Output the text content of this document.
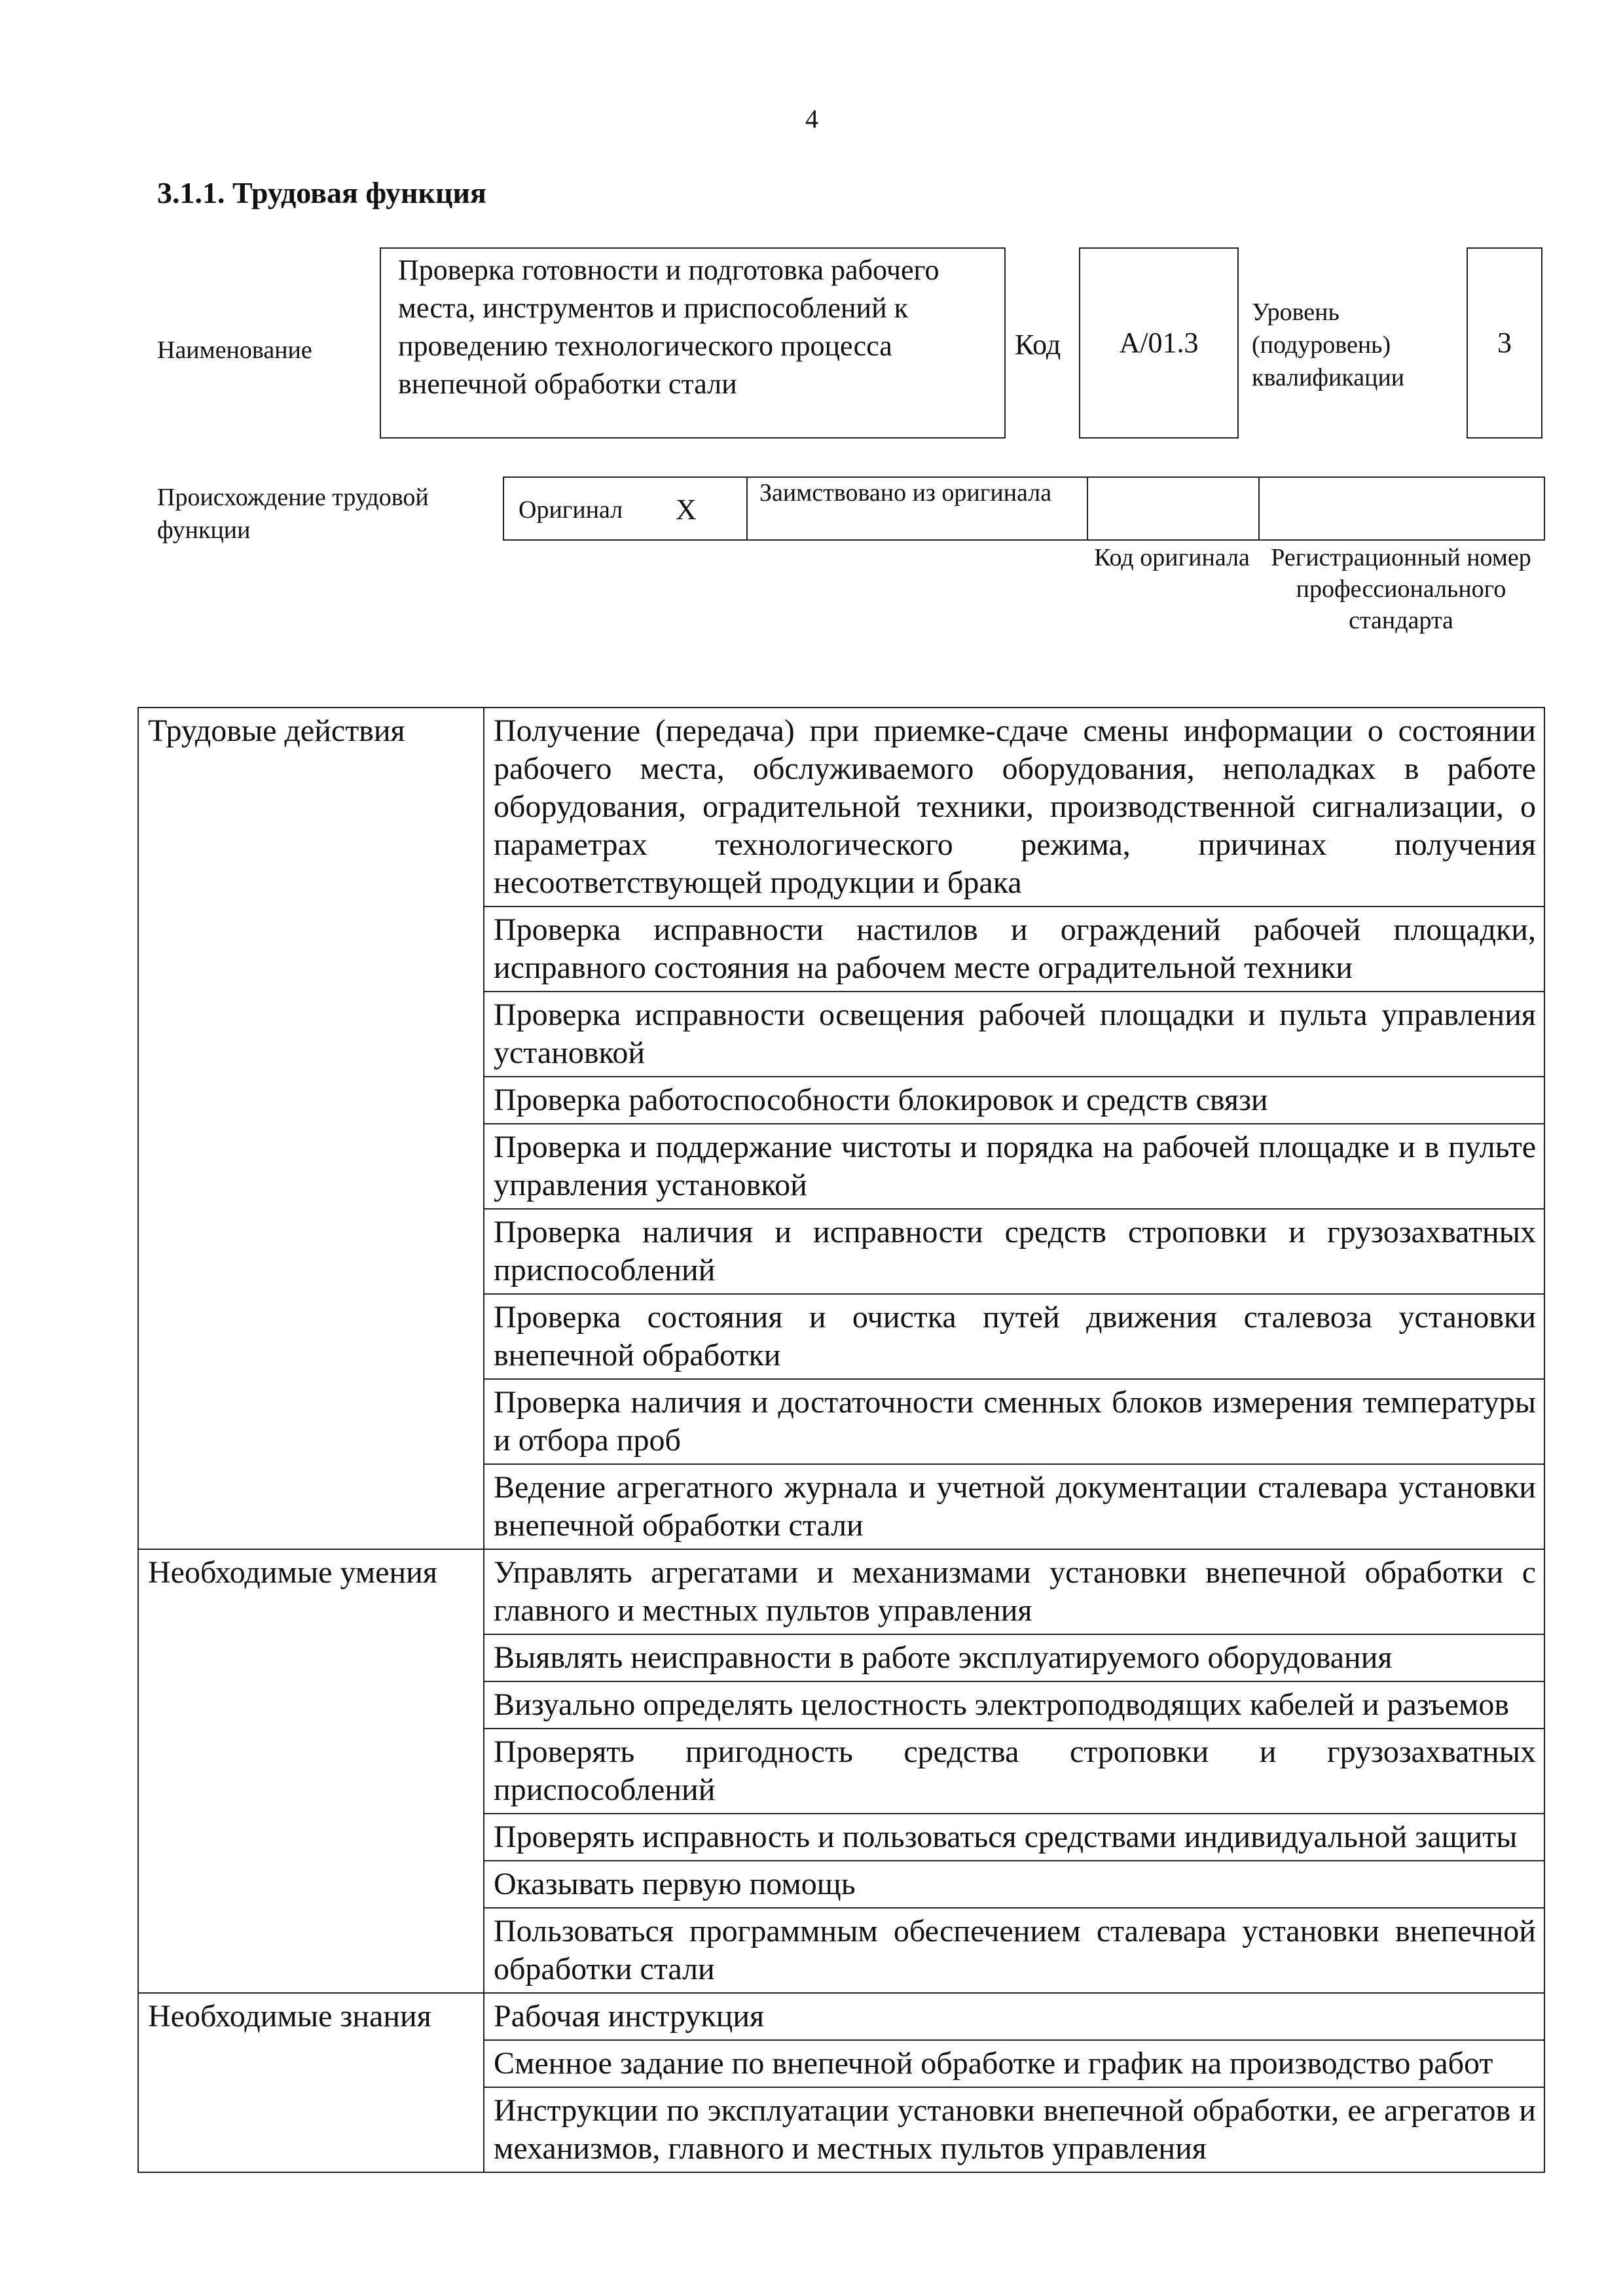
4
3.1.1. Трудовая функция
Наименование
Проверка готовности и подготовка рабочего места, инструментов и приспособлений к проведению технологического процесса внепечной обработки стали
Код	А/01.3
Уровень (подуровень) квалификации
3
Происхождение трудовой функции
Оригинал X
Заимствовано из оригинала
Код оригинала Регистрационный номер профессионального стандарта
Трудовые действия	Получение (передача) при приемке-сдаче смены информации о состоянии рабочего места, обслуживаемого оборудования, неполадках в работе оборудования, оградительной техники, производственной сигнализации, о параметрах технологического режима, причинах получения несоответствующей продукции и брака
	Проверка исправности настилов и ограждений рабочей площадки, исправного состояния на рабочем месте оградительной техники
	Проверка исправности освещения рабочей площадки и пульта управления установкой
	Проверка работоспособности блокировок и средств связи
	Проверка и поддержание чистоты и порядка на рабочей площадке и в пульте управления установкой
	Проверка наличия и исправности средств строповки и грузозахватных приспособлений
	Проверка состояния и очистка путей движения сталевоза установки внепечной обработки
	Проверка наличия и достаточности сменных блоков измерения температуры и отбора проб
	Ведение агрегатного журнала и учетной документации сталевара установки внепечной обработки стали
Необходимые умения	Управлять агрегатами и механизмами установки внепечной обработки с главного и местных пультов управления
	Выявлять неисправности в работе эксплуатируемого оборудования
	Визуально определять целостность электроподводящих кабелей и разъемов
	Проверять пригодность средства строповки и грузозахватных приспособлений
	Проверять исправность и пользоваться средствами индивидуальной защиты
	Оказывать первую помощь
	Пользоваться программным обеспечением сталевара установки внепечной обработки стали
Необходимые знания	Рабочая инструкция
	Сменное задание по внепечной обработке и график на производство работ
	Инструкции по эксплуатации установки внепечной обработки, ее агрегатов и механизмов, главного и местных пультов управления
